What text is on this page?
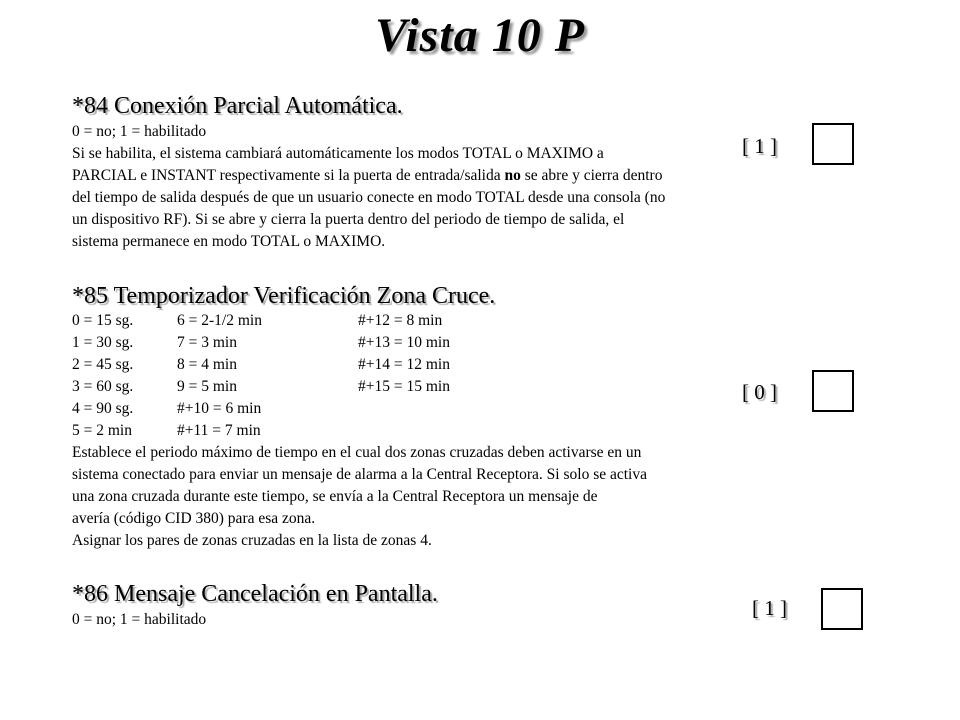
Vista 10 P
*84 Conexión Parcial Automática.
0 = no; 1 = habilitado
Si se habilita, el sistema cambiará automáticamente los modos TOTAL o MAXIMO a
PARCIAL e INSTANT respectivamente si la puerta de entrada/salida no se abre y cierra dentro
del tiempo de salida después de que un usuario conecte en modo TOTAL desde una consola (no
un dispositivo RF). Si se abre y cierra la puerta dentro del periodo de tiempo de salida, el
sistema permanece en modo TOTAL o MAXIMO.
[ 1 ]
*85 Temporizador Verificación Zona Cruce.
0 = 15 sg.	6 = 2-1/2 min	#+12 = 8 min
1 = 30 sg.	7 = 3 min	#+13 = 10 min
2 = 45 sg.	8 = 4 min	#+14 = 12 min
3 = 60 sg.	9 = 5 min	#+15 = 15 min
4 = 90 sg.	#+10 = 6 min
5 = 2 min	#+11 = 7 min
Establece el periodo máximo de tiempo en el cual dos zonas cruzadas deben activarse en un
sistema conectado para enviar un mensaje de alarma a la Central Receptora. Si solo se activa
una zona cruzada durante este tiempo, se envía a la Central Receptora un mensaje de
avería (código CID 380) para esa zona.
Asignar los pares de zonas cruzadas en la lista de zonas 4.
[ 0 ]
*86 Mensaje Cancelación en Pantalla.
0 = no; 1 = habilitado	[ 1 ]
